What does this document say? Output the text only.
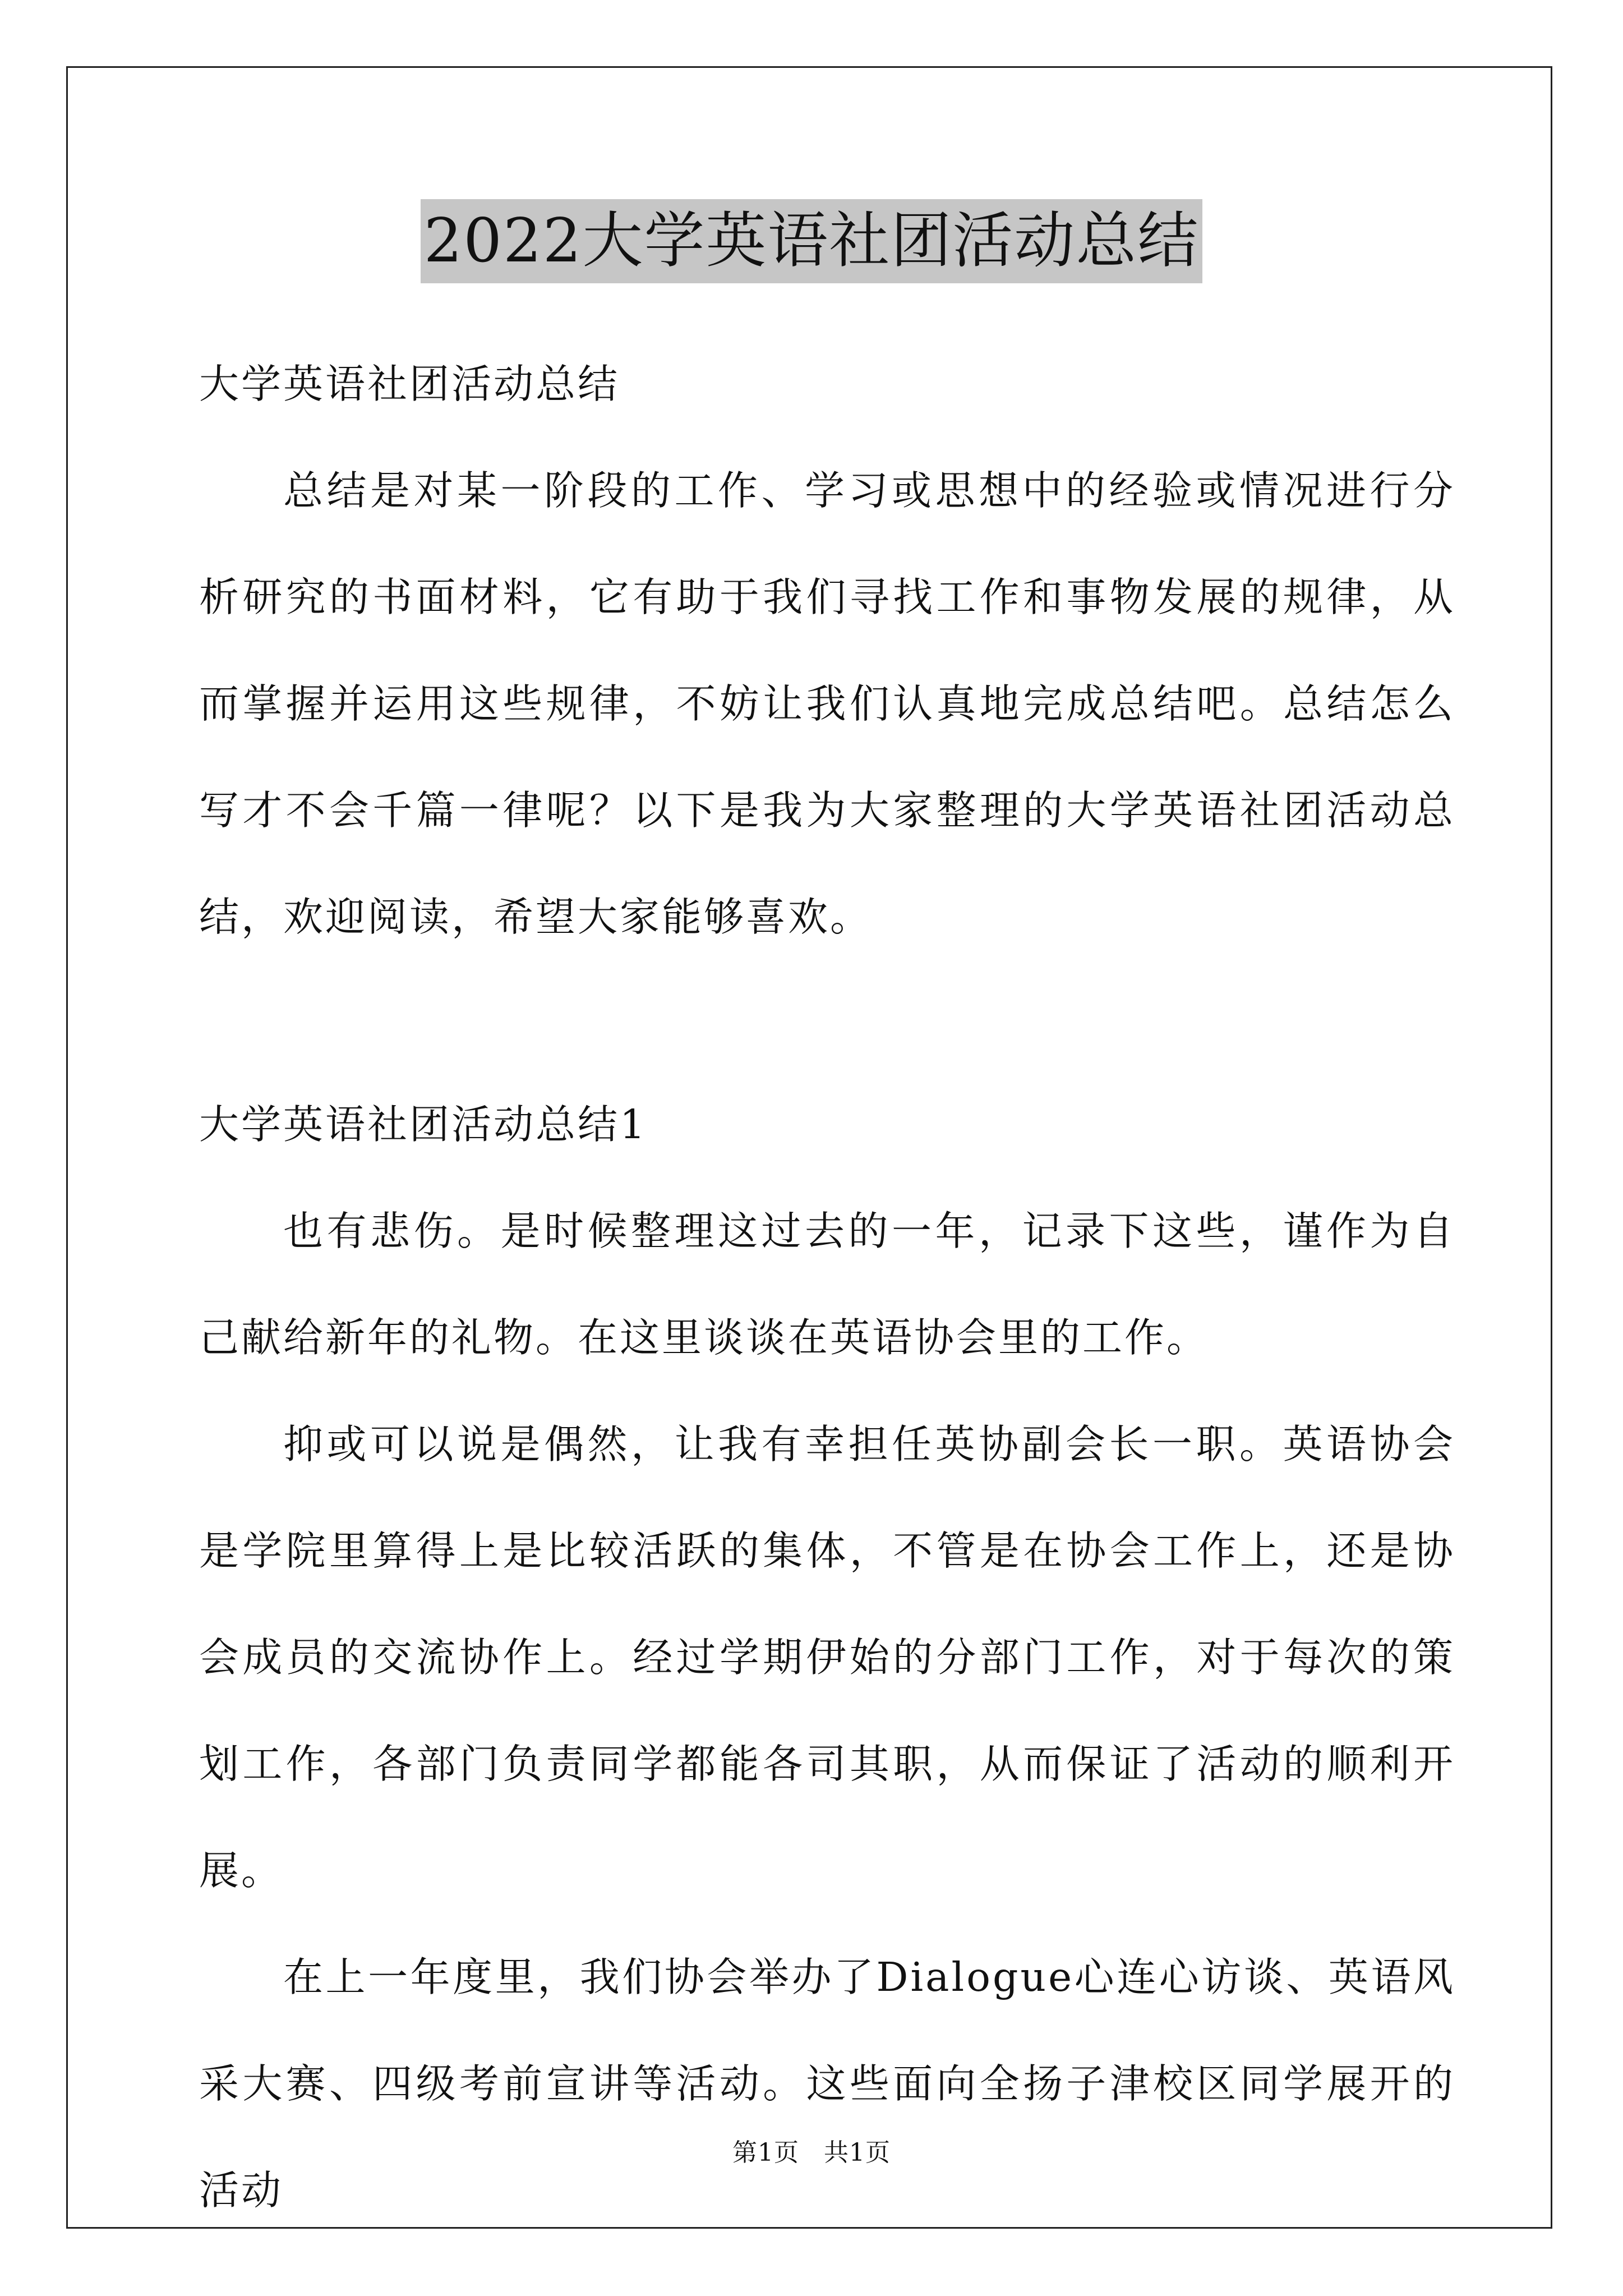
2022大学英语社团活动总结

大学英语社团活动总结

总结是对某一阶段的工作、学习或思想中的经验或情况进行分析研究的书面材料，它有助于我们寻找工作和事物发展的规律，从而掌握并运用这些规律，不妨让我们认真地完成总结吧。总结怎么写才不会千篇一律呢？以下是我为大家整理的大学英语社团活动总结，欢迎阅读，希望大家能够喜欢。

大学英语社团活动总结1

也有悲伤。是时候整理这过去的一年，记录下这些，谨作为自己献给新年的礼物。在这里谈谈在英语协会里的工作。

抑或可以说是偶然，让我有幸担任英协副会长一职。英语协会是学院里算得上是比较活跃的集体，不管是在协会工作上，还是协会成员的交流协作上。经过学期伊始的分部门工作，对于每次的策划工作，各部门负责同学都能各司其职，从而保证了活动的顺利开展。

在上一年度里，我们协会举办了Dialogue心连心访谈、英语风采大赛、四级考前宣讲等活动。这些面向全扬子津校区同学展开的活动

第1页 共1页
